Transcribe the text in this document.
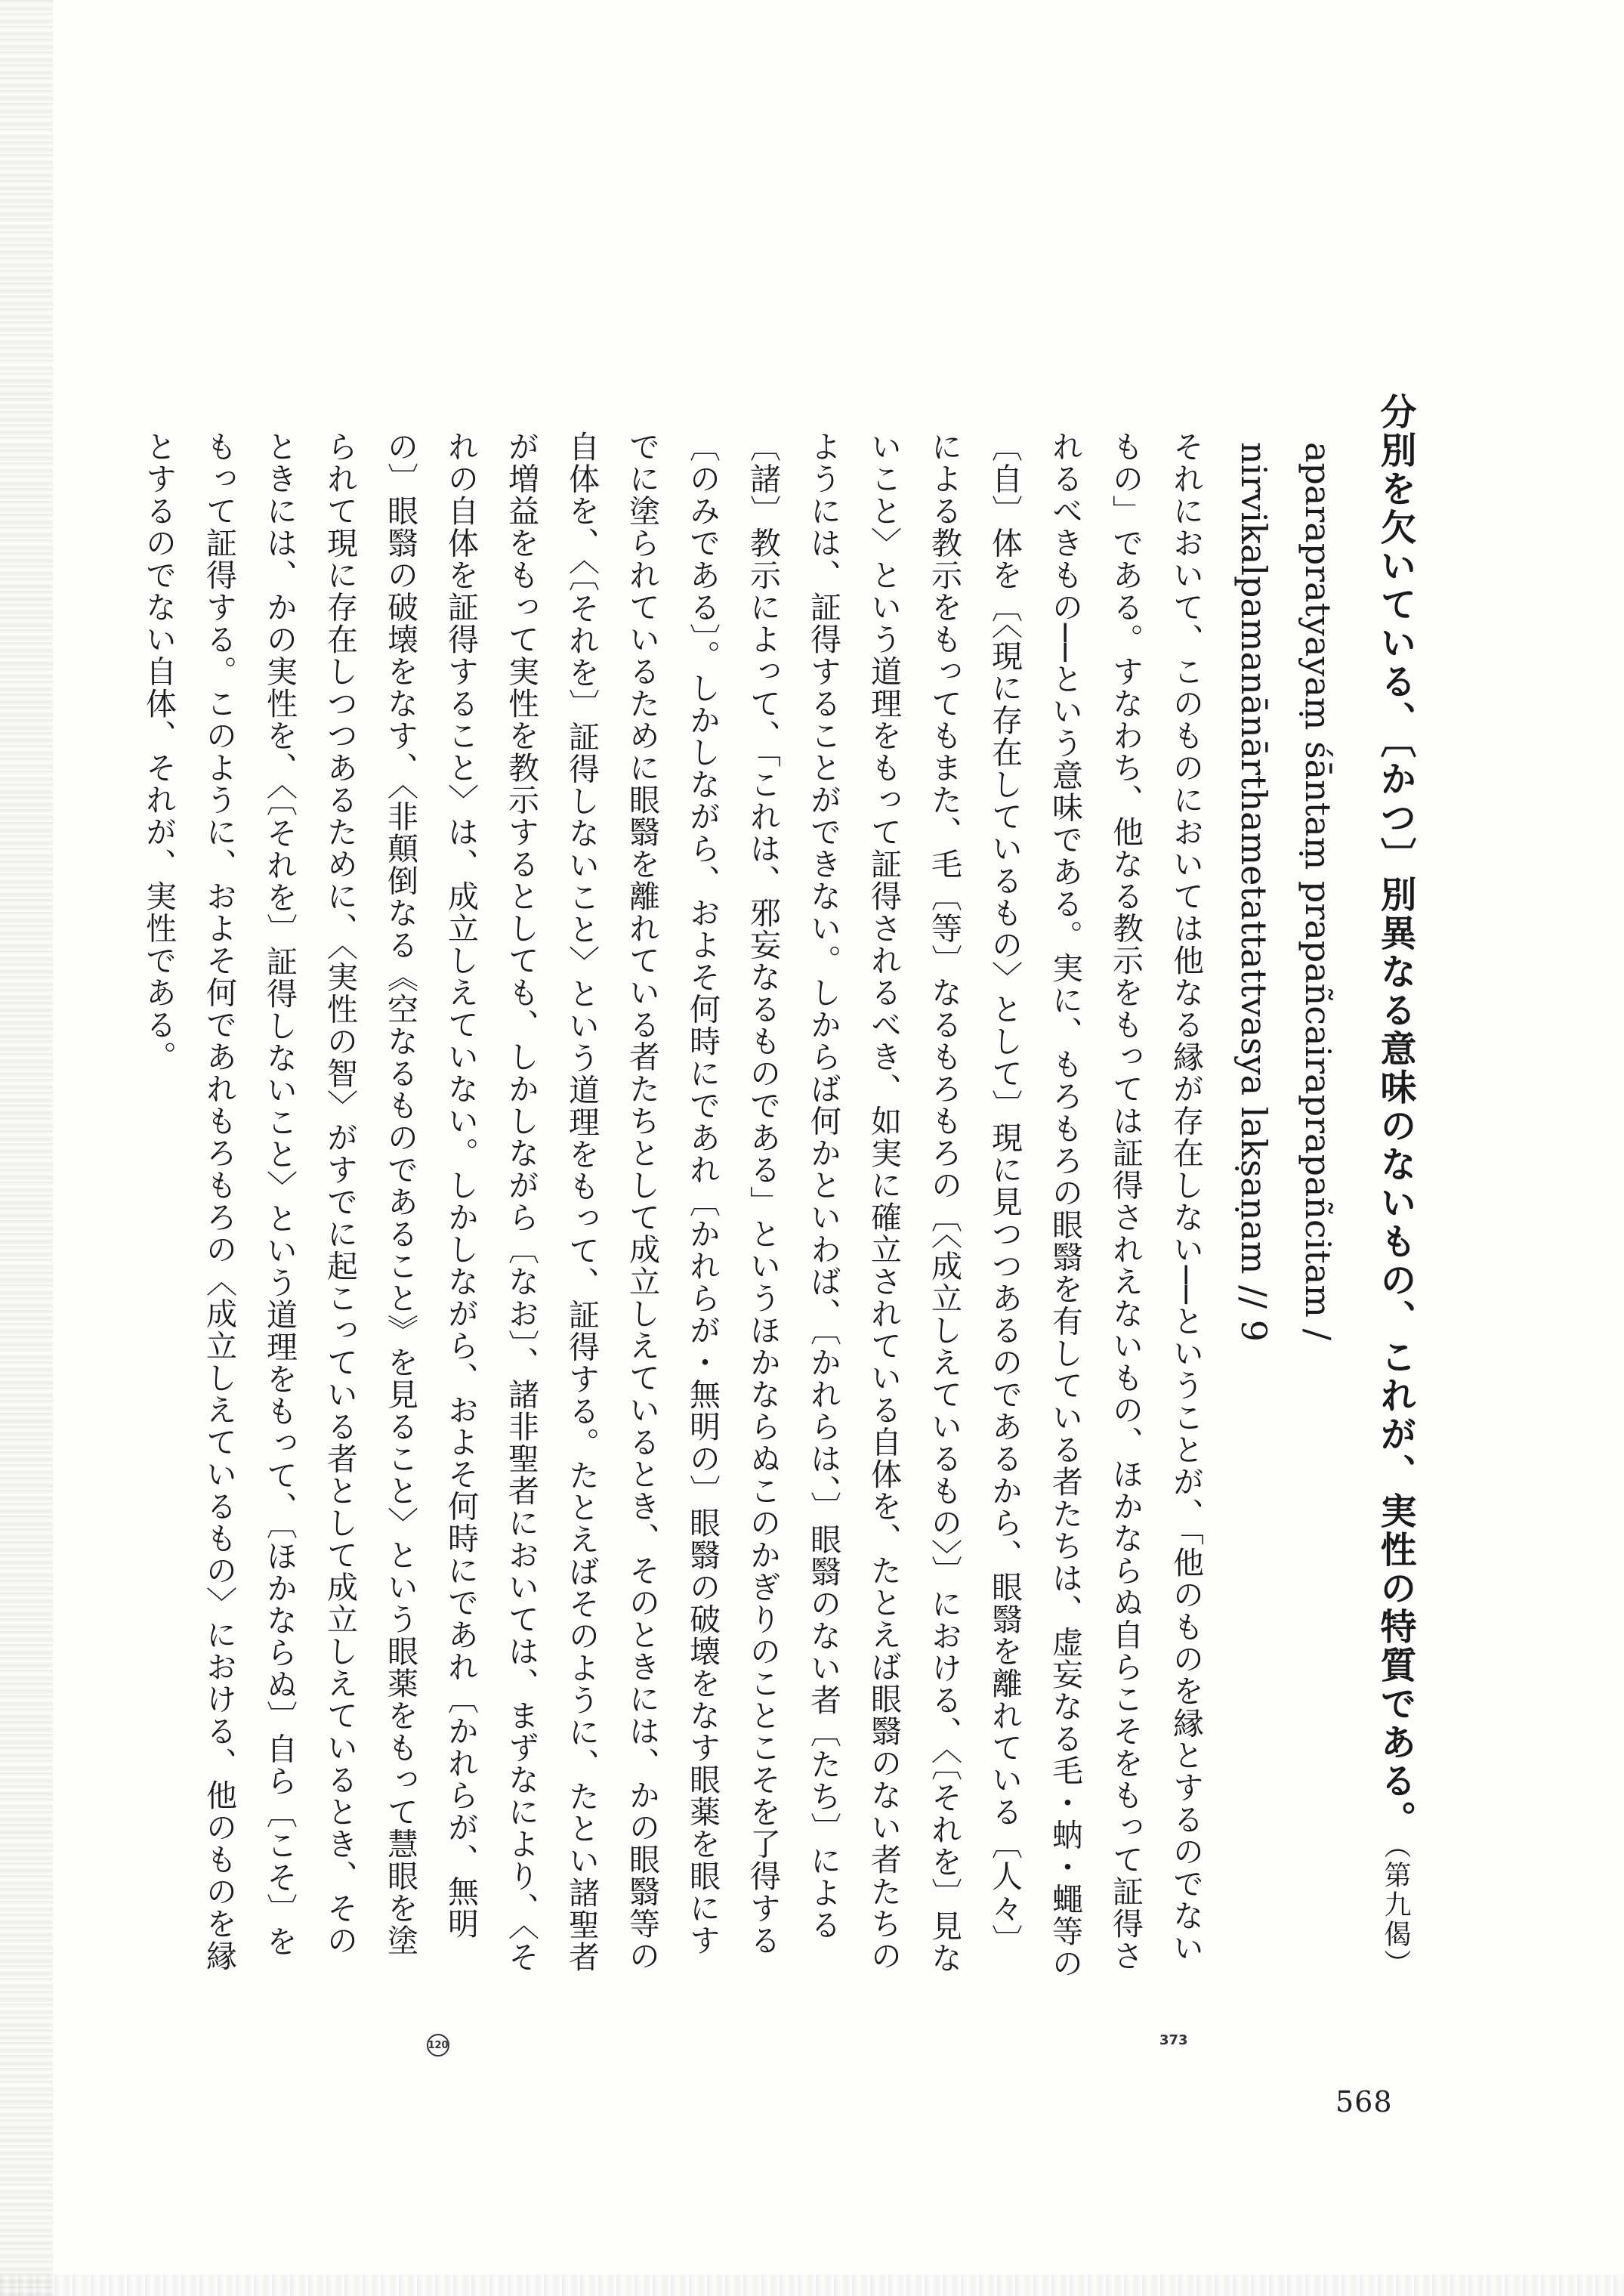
分別を欠いている、〔かつ〕別異なる意味のないもの、これが、実性の特質である。（第九偈）
aparapratyayaṃ śāntaṃ prapañcairaprapañcitam /
nirvikalpamanānārthametattattvasya lakṣaṇam // 9

それにおいて、このものにおいては他なる縁が存在しない──ということが、「他のものを縁とするのでないもの」である。すなわち、他なる教示をもっては証得されえないもの、ほかならぬ自らこそをもって証得されるべきもの──という意味である。実に、もろもろの眼翳を有している者たちは、虚妄なる毛・蚋・蠅等の〔自〕体を〔〈現に存在しているもの〉として〕現に見つつあるのであるから、眼翳を離れている〔人々〕による教示をもってもまた、毛〔等〕なるもろもろの〔〈成立しえているもの〉〕における、〈〔それを〕見ないこと〉という道理をもって証得されるべき、如実に確立されている自体を、たとえば眼翳のない者たちのようには、証得することができない。しからば何かといわば、〔かれらは、〕眼翳のない者〔たち〕による〔諸〕教示によって、「これは、邪妄なるものである」というほかならぬこのかぎりのことこそを了得する〔のみである〕。しかしながら、およそ何時にであれ〔かれらが・無明の〕眼翳の破壊をなす眼薬を眼にすでに塗られているために眼翳を離れている者たちとして成立しえているとき、そのときには、かの眼翳等の自体を、〈〔それを〕証得しないこと〉という道理をもって、証得する。たとえばそのように、たとい諸聖者が増益をもって実性を教示するとしても、しかしながら〔なお〕、諸非聖者においては、まずなにより、〈それの自体を証得すること〉は、成立しえていない。しかしながら、およそ何時にであれ〔かれらが、無明の〕眼翳の破壊をなす、〈非顛倒なる《空なるものであること》を見ること〉という眼薬をもって慧眼を塗られて現に存在しつつあるために、〈実性の智〉がすでに起こっている者として成立しえているとき、そのときには、かの実性を、〈〔それを〕証得しないこと〉という道理をもって、〔ほかならぬ〕自ら〔こそ〕をもって証得する。このように、およそ何であれもろもろの〈成立しえているもの〉における、他のものを縁とするのでない自体、それが、実性である。

373
120
568
